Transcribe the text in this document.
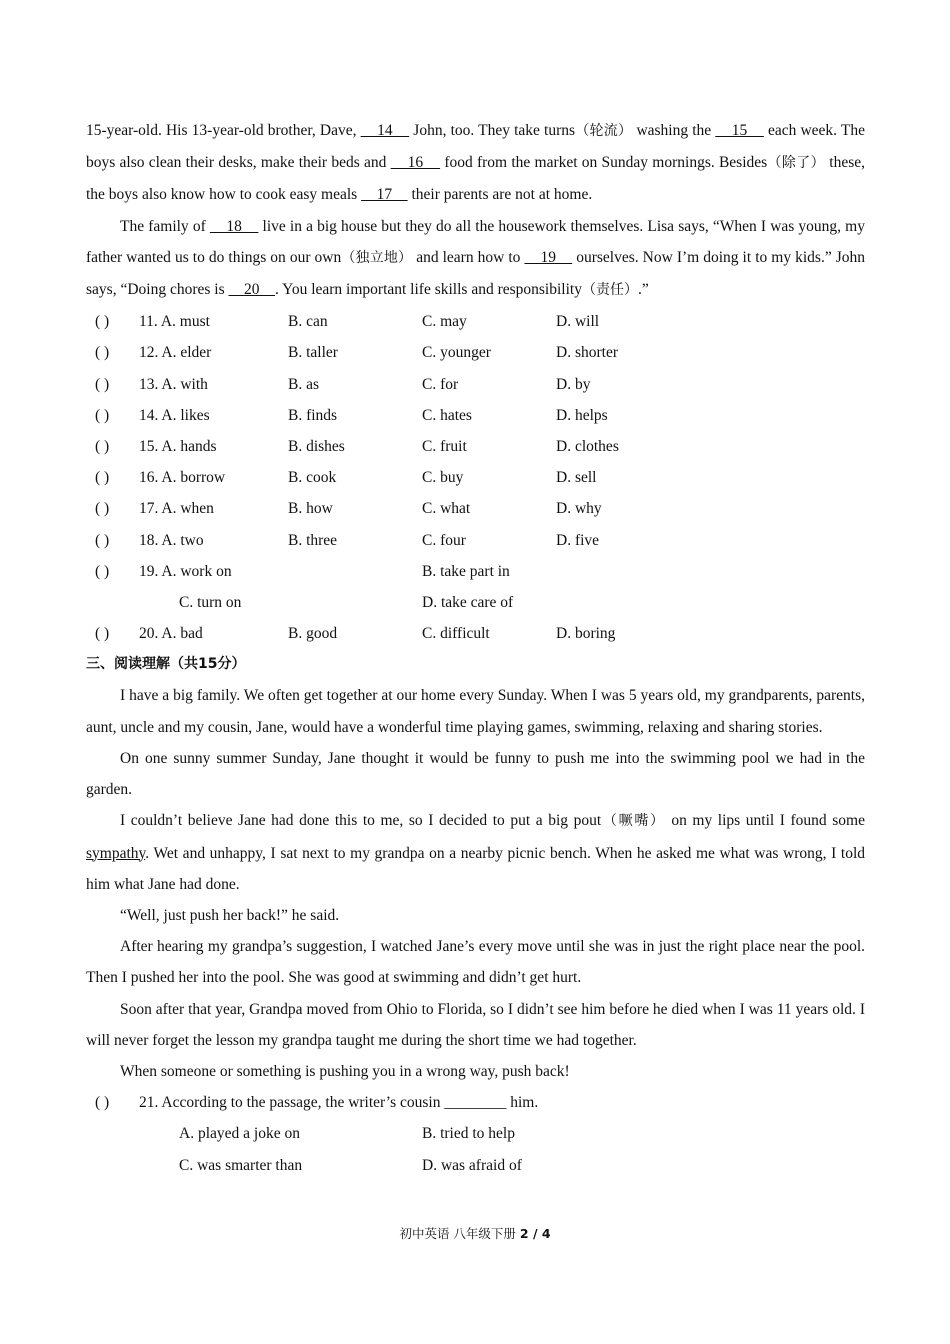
15-year-old. His 13-year-old brother, Dave,     14     John, too. They take turns（轮流） washing the     15     each week. The boys also clean their desks, make their beds and     16     food from the market on Sunday mornings. Besides（除了） these, the boys also know how to cook easy meals     17     their parents are not at home.

The family of     18     live in a big house but they do all the housework themselves. Lisa says, “When I was young, my father wanted us to do things on our own（独立地） and learn how to     19     ourselves. Now I’m doing it to my kids.” John says, “Doing chores is     20    . You learn important life skills and responsibility（责任）.”

( ) 11. A. must	B. can	C. may	D. will
( ) 12. A. elder	B. taller	C. younger	D. shorter
( ) 13. A. with	B. as	C. for	D. by
( ) 14. A. likes	B. finds	C. hates	D. helps
( ) 15. A. hands	B. dishes	C. fruit	D. clothes
( ) 16. A. borrow	B. cook	C. buy	D. sell
( ) 17. A. when	B. how	C. what	D. why
( ) 18. A. two	B. three	C. four	D. five
( ) 19. A. work on	B. take part in
C. turn on	D. take care of
( ) 20. A. bad	B. good	C. difficult	D. boring
三、阅读理解（共15分）

I have a big family. We often get together at our home every Sunday. When I was 5 years old, my grandparents, parents, aunt, uncle and my cousin, Jane, would have a wonderful time playing games, swimming, relaxing and sharing stories.

On one sunny summer Sunday, Jane thought it would be funny to push me into the swimming pool we had in the garden.

I couldn’t believe Jane had done this to me, so I decided to put a big pout（噘嘴） on my lips until I found some sympathy. Wet and unhappy, I sat next to my grandpa on a nearby picnic bench. When he asked me what was wrong, I told him what Jane had done.

“Well, just push her back!” he said.

After hearing my grandpa’s suggestion, I watched Jane’s every move until she was in just the right place near the pool. Then I pushed her into the pool. She was good at swimming and didn’t get hurt.

Soon after that year, Grandpa moved from Ohio to Florida, so I didn’t see him before he died when I was 11 years old. I will never forget the lesson my grandpa taught me during the short time we had together.

When someone or something is pushing you in a wrong way, push back!

( ) 21. According to the passage, the writer’s cousin ________ him.
A. played a joke on	B. tried to help
C. was smarter than	D. was afraid of
初中英语 八年级下册 2 / 4
